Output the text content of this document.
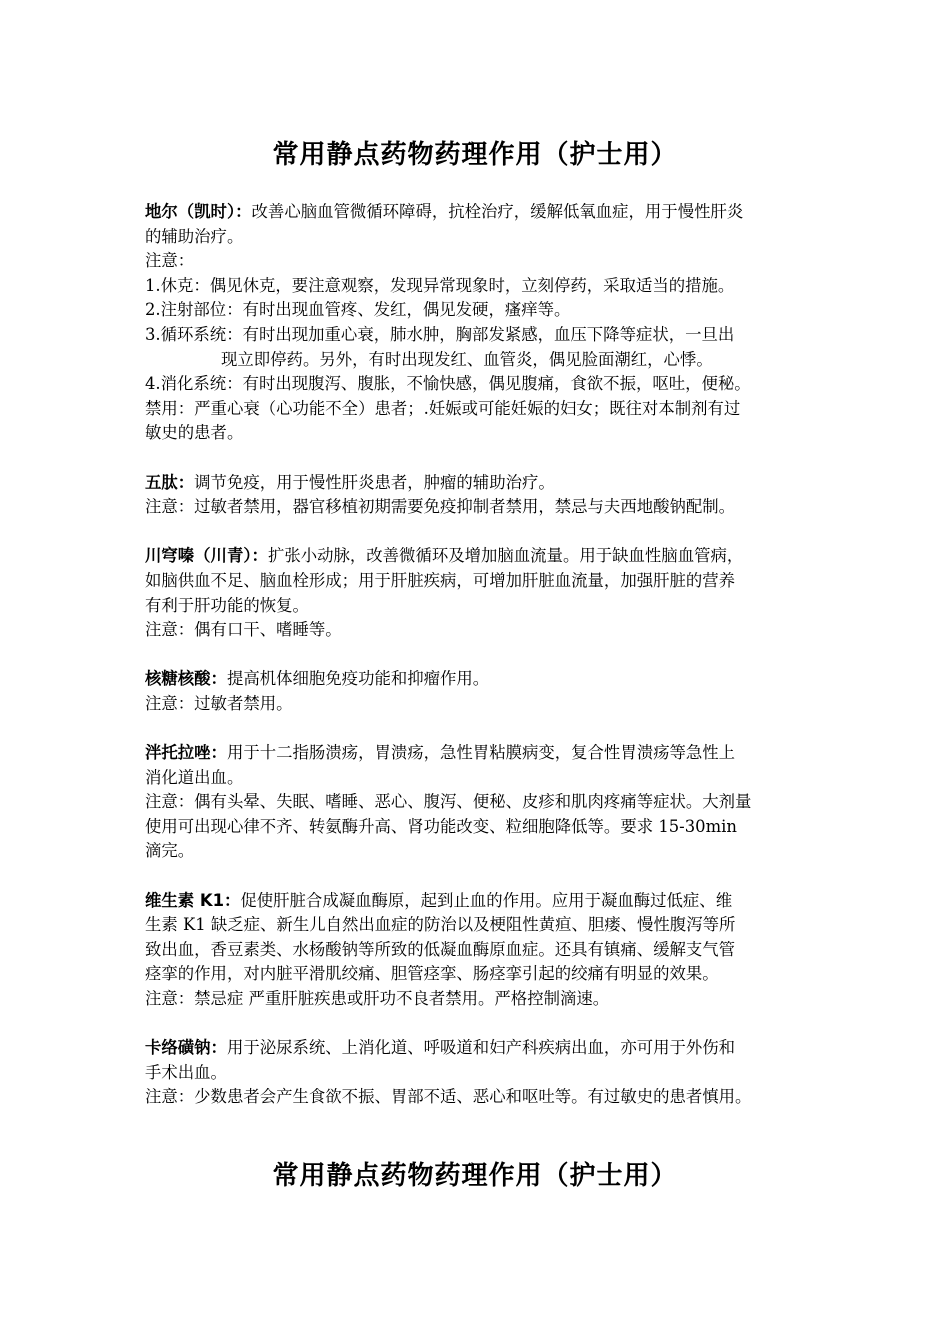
常用静点药物药理作用（护士用）
地尔（凯时）：改善心脑血管微循环障碍，抗栓治疗，缓解低氧血症，用于慢性肝炎
的辅助治疗。
注意：
1.休克：偶见休克，要注意观察，发现异常现象时，立刻停药，采取适当的措施。
2.注射部位：有时出现血管疼、发红，偶见发硬，瘙痒等。
3.循环系统：有时出现加重心衰，肺水肿，胸部发紧感，血压下降等症状，一旦出
现立即停药。另外，有时出现发红、血管炎，偶见脸面潮红，心悸。
4.消化系统：有时出现腹泻、腹胀，不愉快感，偶见腹痛，食欲不振，呕吐，便秘。
禁用：严重心衰（心功能不全）患者；.妊娠或可能妊娠的妇女；既往对本制剂有过
敏史的患者。
五肽：调节免疫，用于慢性肝炎患者，肿瘤的辅助治疗。
注意：过敏者禁用，器官移植初期需要免疫抑制者禁用，禁忌与夫西地酸钠配制。
川穹嗪（川青）：扩张小动脉，改善微循环及增加脑血流量。用于缺血性脑血管病，
如脑供血不足、脑血栓形成；用于肝脏疾病，可增加肝脏血流量，加强肝脏的营养
有利于肝功能的恢复。
注意：偶有口干、嗜睡等。
核糖核酸：提高机体细胞免疫功能和抑瘤作用。
注意：过敏者禁用。
泮托拉唑：用于十二指肠溃疡，胃溃疡，急性胃粘膜病变，复合性胃溃疡等急性上
消化道出血。
注意：偶有头晕、失眠、嗜睡、恶心、腹泻、便秘、皮疹和肌肉疼痛等症状。大剂量
使用可出现心律不齐、转氨酶升高、肾功能改变、粒细胞降低等。要求 15-30min
滴完。
维生素 K1：促使肝脏合成凝血酶原，起到止血的作用。应用于凝血酶过低症、维
生素 K1 缺乏症、新生儿自然出血症的防治以及梗阻性黄疸、胆瘘、慢性腹泻等所
致出血，香豆素类、水杨酸钠等所致的低凝血酶原血症。还具有镇痛、缓解支气管
痉挛的作用，对内脏平滑肌绞痛、胆管痉挛、肠痉挛引起的绞痛有明显的效果。
注意：禁忌症 严重肝脏疾患或肝功不良者禁用。严格控制滴速。
卡络磺钠：用于泌尿系统、上消化道、呼吸道和妇产科疾病出血，亦可用于外伤和
手术出血。
注意：少数患者会产生食欲不振、胃部不适、恶心和呕吐等。有过敏史的患者慎用。
常用静点药物药理作用（护士用）
